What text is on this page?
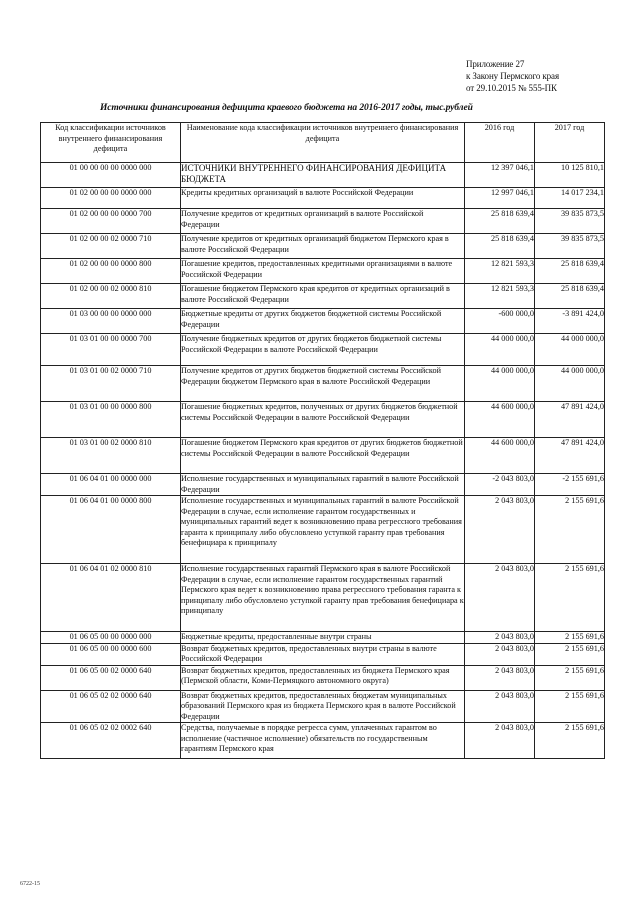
Приложение 27
к Закону Пермского края
от 29.10.2015 № 555-ПК
Источники финансирования дефицита краевого бюджета на 2016-2017 годы, тыс.рублей
Код классификации источников внутреннего финансирования дефицита	Наименование кода классификации источников внутреннего финансирования дефицита	2016 год	2017 год
01 00 00 00 00 0000 000	ИСТОЧНИКИ ВНУТРЕННЕГО ФИНАНСИРОВАНИЯ ДЕФИЦИТА БЮДЖЕТА	12 397 046,1	10 125 810,1
01 02 00 00 00 0000 000	Кредиты кредитных организаций в валюте Российской Федерации	12 997 046,1	14 017 234,1
01 02 00 00 00 0000 700	Получение кредитов от кредитных организаций в валюте Российской Федерации	25 818 639,4	39 835 873,5
01 02 00 00 02 0000 710	Получение кредитов от кредитных организаций бюджетом Пермского края в валюте Российской Федерации	25 818 639,4	39 835 873,5
01 02 00 00 00 0000 800	Погашение кредитов, предоставленных кредитными организациями в валюте Российской Федерации	12 821 593,3	25 818 639,4
01 02 00 00 02 0000 810	Погашение бюджетом Пермского края кредитов от кредитных организаций в валюте Российской Федерации	12 821 593,3	25 818 639,4
01 03 00 00 00 0000 000	Бюджетные кредиты от других бюджетов бюджетной системы Российской Федерации	-600 000,0	-3 891 424,0
01 03 01 00 00 0000 700	Получение бюджетных кредитов от других бюджетов бюджетной системы Российской Федерации в валюте Российской Федерации	44 000 000,0	44 000 000,0
01 03 01 00 02 0000 710	Получение кредитов от других бюджетов бюджетной системы Российской Федерации бюджетом Пермского края в валюте Российской Федерации	44 000 000,0	44 000 000,0
01 03 01 00 00 0000 800	Погашение бюджетных кредитов, полученных от других бюджетов бюджетной системы Российской Федерации в валюте Российской Федерации	44 600 000,0	47 891 424,0
01 03 01 00 02 0000 810	Погашение бюджетом Пермского края кредитов от других бюджетов бюджетной системы Российской Федерации в валюте Российской Федерации	44 600 000,0	47 891 424,0
01 06 04 01 00 0000 000	Исполнение государственных и муниципальных гарантий в валюте Российской Федерации	-2 043 803,0	-2 155 691,6
01 06 04 01 00 0000 800	Исполнение государственных и муниципальных гарантий в валюте Российской Федерации в случае, если исполнение гарантом государственных и муниципальных гарантий ведет к возникновению права регрессного требования гаранта к принципалу либо обусловлено уступкой гаранту прав требования бенефициара к принципалу	2 043 803,0	2 155 691,6
01 06 04 01 02 0000 810	Исполнение государственных гарантий Пермского края в валюте Российской Федерации в случае, если исполнение гарантом государственных гарантий Пермского края ведет к возникновению права регрессного требования гаранта к принципалу либо обусловлено уступкой гаранту прав требования бенефициара к принципалу	2 043 803,0	2 155 691,6
01 06 05 00 00 0000 000	Бюджетные кредиты, предоставленные внутри страны	2 043 803,0	2 155 691,6
01 06 05 00 00 0000 600	Возврат бюджетных кредитов, предоставленных внутри страны в валюте Российской Федерации	2 043 803,0	2 155 691,6
01 06 05 00 02 0000 640	Возврат бюджетных кредитов, предоставленных из бюджета Пермского края (Пермской области, Коми-Пермяцкого автономного округа)	2 043 803,0	2 155 691,6
01 06 05 02 02 0000 640	Возврат бюджетных кредитов, предоставленных бюджетам муниципальных образований Пермского края из бюджета Пермского края в валюте Российской Федерации	2 043 803,0	2 155 691,6
01 06 05 02 02 0002 640	Средства, получаемые в порядке регресса сумм, уплаченных гарантом во исполнение (частичное исполнение) обязательств по государственным гарантиям Пермского края	2 043 803,0	2 155 691,6
6722-15
